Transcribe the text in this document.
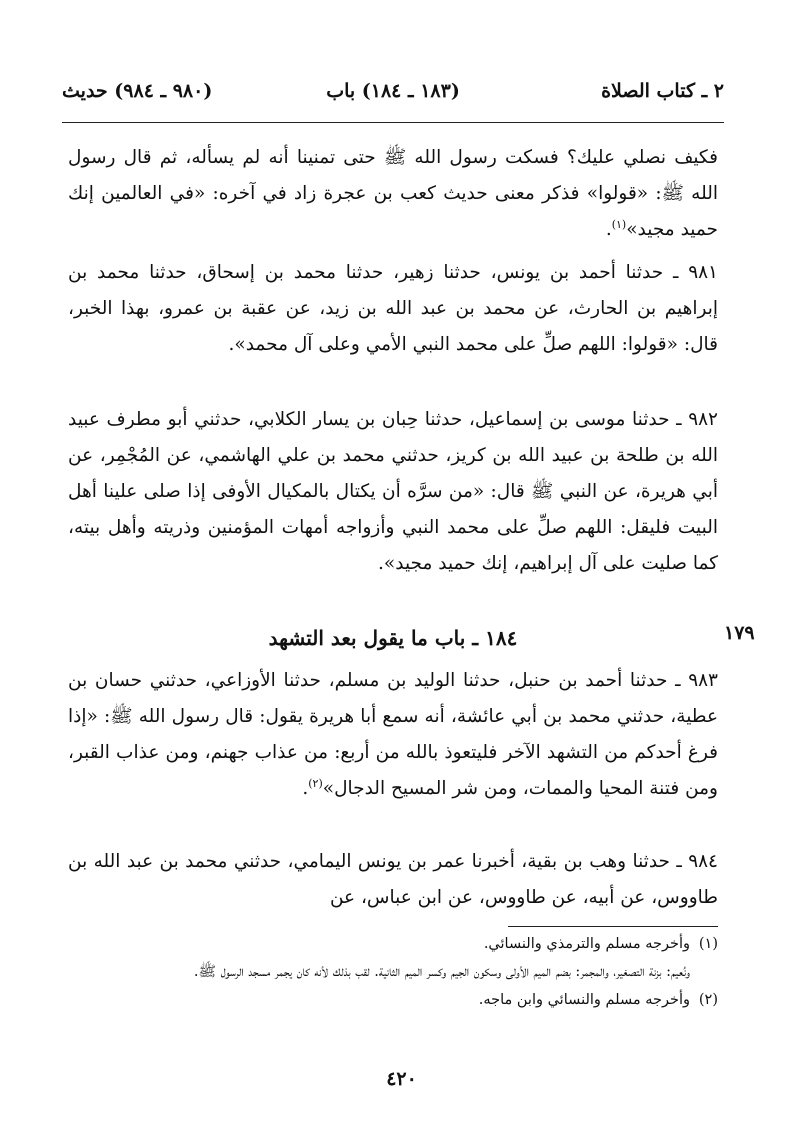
٢ ـ كتاب الصلاة
(١٨٣ ـ ١٨٤) باب
(٩٨٠ ـ ٩٨٤) حديث

فكيف نصلي عليك؟ فسكت رسول الله ﷺ حتى تمنينا أنه لم يسأله، ثم قال رسول الله ﷺ: «قولوا» فذكر معنى حديث كعب بن عجرة زاد في آخره: «في العالمين إنك حميد مجيد»$^{(١)}$.

٩٨١ ـ حدثنا أحمد بن يونس، حدثنا زهير، حدثنا محمد بن إسحاق، حدثنا محمد بن إبراهيم بن الحارث، عن محمد بن عبد الله بن زيد، عن عقبة بن عمرو، بهذا الخبر، قال: «قولوا: اللهم صلِّ على محمد النبي الأمي وعلى آل محمد».

٩٨٢ ـ حدثنا موسى بن إسماعيل، حدثنا حِبان بن يسار الكلابي، حدثني أبو مطرف عبيد الله بن طلحة بن عبيد الله بن كريز، حدثني محمد بن علي الهاشمي، عن المُجْمِر، عن أبي هريرة، عن النبي ﷺ قال: «من سرَّه أن يكتال بالمكيال الأوفى إذا صلى علينا أهل البيت فليقل: اللهم صلِّ على محمد النبي وأزواجه أمهات المؤمنين وذريته وأهل بيته، كما صليت على آل إبراهيم، إنك حميد مجيد».

١٨٤ ـ باب ما يقول بعد التشهد	١٧٩

٩٨٣ ـ حدثنا أحمد بن حنبل، حدثنا الوليد بن مسلم، حدثنا الأوزاعي، حدثني حسان بن عطية، حدثني محمد بن أبي عائشة، أنه سمع أبا هريرة يقول: قال رسول الله ﷺ: «إذا فرغ أحدكم من التشهد الآخر فليتعوذ بالله من أربع: من عذاب جهنم، ومن عذاب القبر، ومن فتنة المحيا والممات، ومن شر المسيح الدجال»$^{(٢)}$.

٩٨٤ ـ حدثنا وهب بن بقية، أخبرنا عمر بن يونس اليمامي، حدثني محمد بن عبد الله بن طاووس، عن أبيه، عن طاووس، عن ابن عباس، عن

(١)وأخرجه مسلم والترمذي والنسائي.

ونُعيم: بزنة التصغير، والمجمر: بضم الميم الأولى وسكون الجيم وكسر الميم الثانية. لقب بذلك لأنه كان يجمر مسجد الرسول ﷺ.

(٢)وأخرجه مسلم والنسائي وابن ماجه.

٤٢٠
